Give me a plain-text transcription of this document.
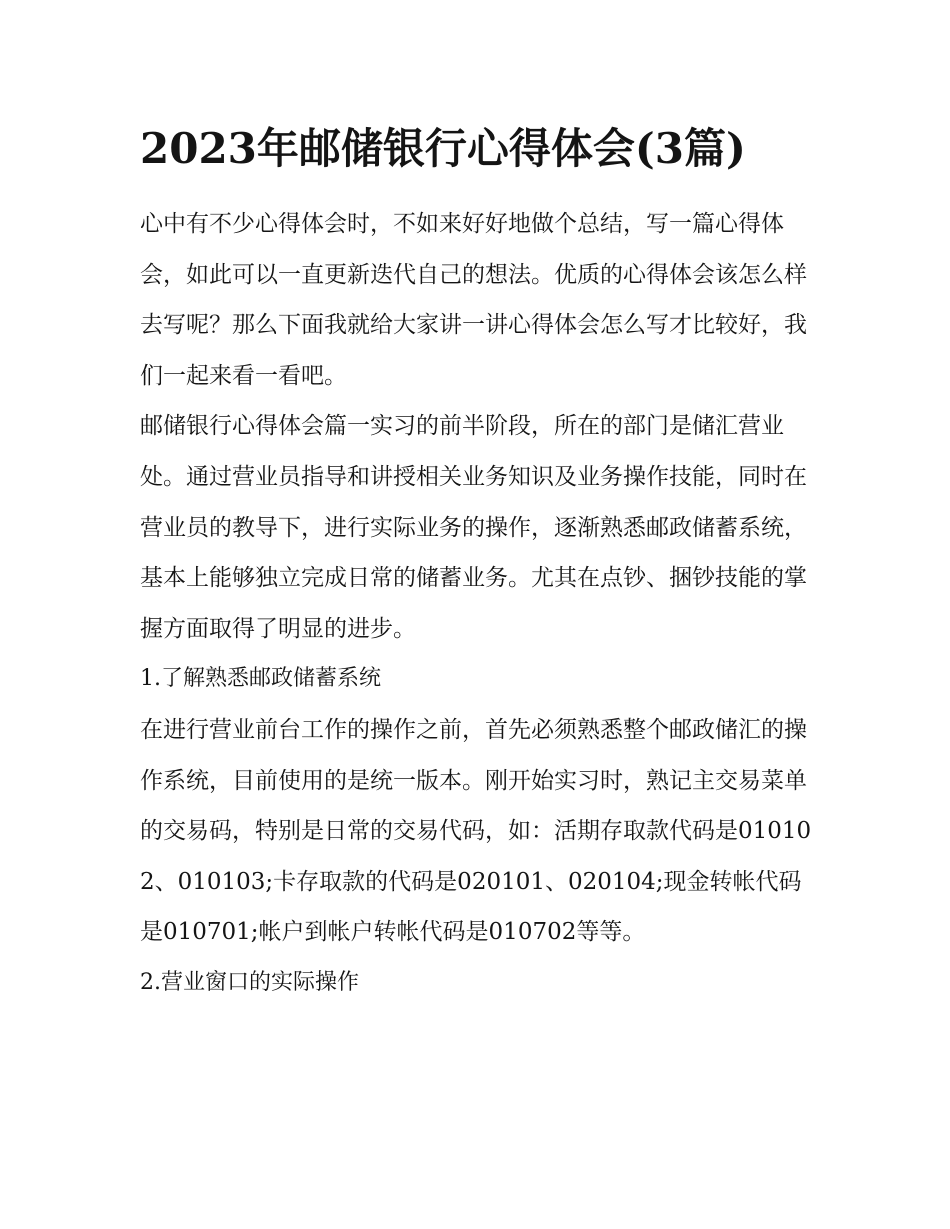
2023年邮储银行心得体会(3篇)

心中有不少心得体会时，不如来好好地做个总结，写一篇心得体会，如此可以一直更新迭代自己的想法。优质的心得体会该怎么样去写呢？那么下面我就给大家讲一讲心得体会怎么写才比较好，我们一起来看一看吧。

邮储银行心得体会篇一实习的前半阶段，所在的部门是储汇营业处。通过营业员指导和讲授相关业务知识及业务操作技能，同时在营业员的教导下，进行实际业务的操作，逐渐熟悉邮政储蓄系统，基本上能够独立完成日常的储蓄业务。尤其在点钞、捆钞技能的掌握方面取得了明显的进步。

1.了解熟悉邮政储蓄系统

在进行营业前台工作的操作之前，首先必须熟悉整个邮政储汇的操作系统，目前使用的是统一版本。刚开始实习时，熟记主交易菜单的交易码，特别是日常的交易代码，如：活期存取款代码是010102、010103;卡存取款的代码是020101、020104;现金转帐代码是010701;帐户到帐户转帐代码是010702等等。

2.营业窗口的实际操作
